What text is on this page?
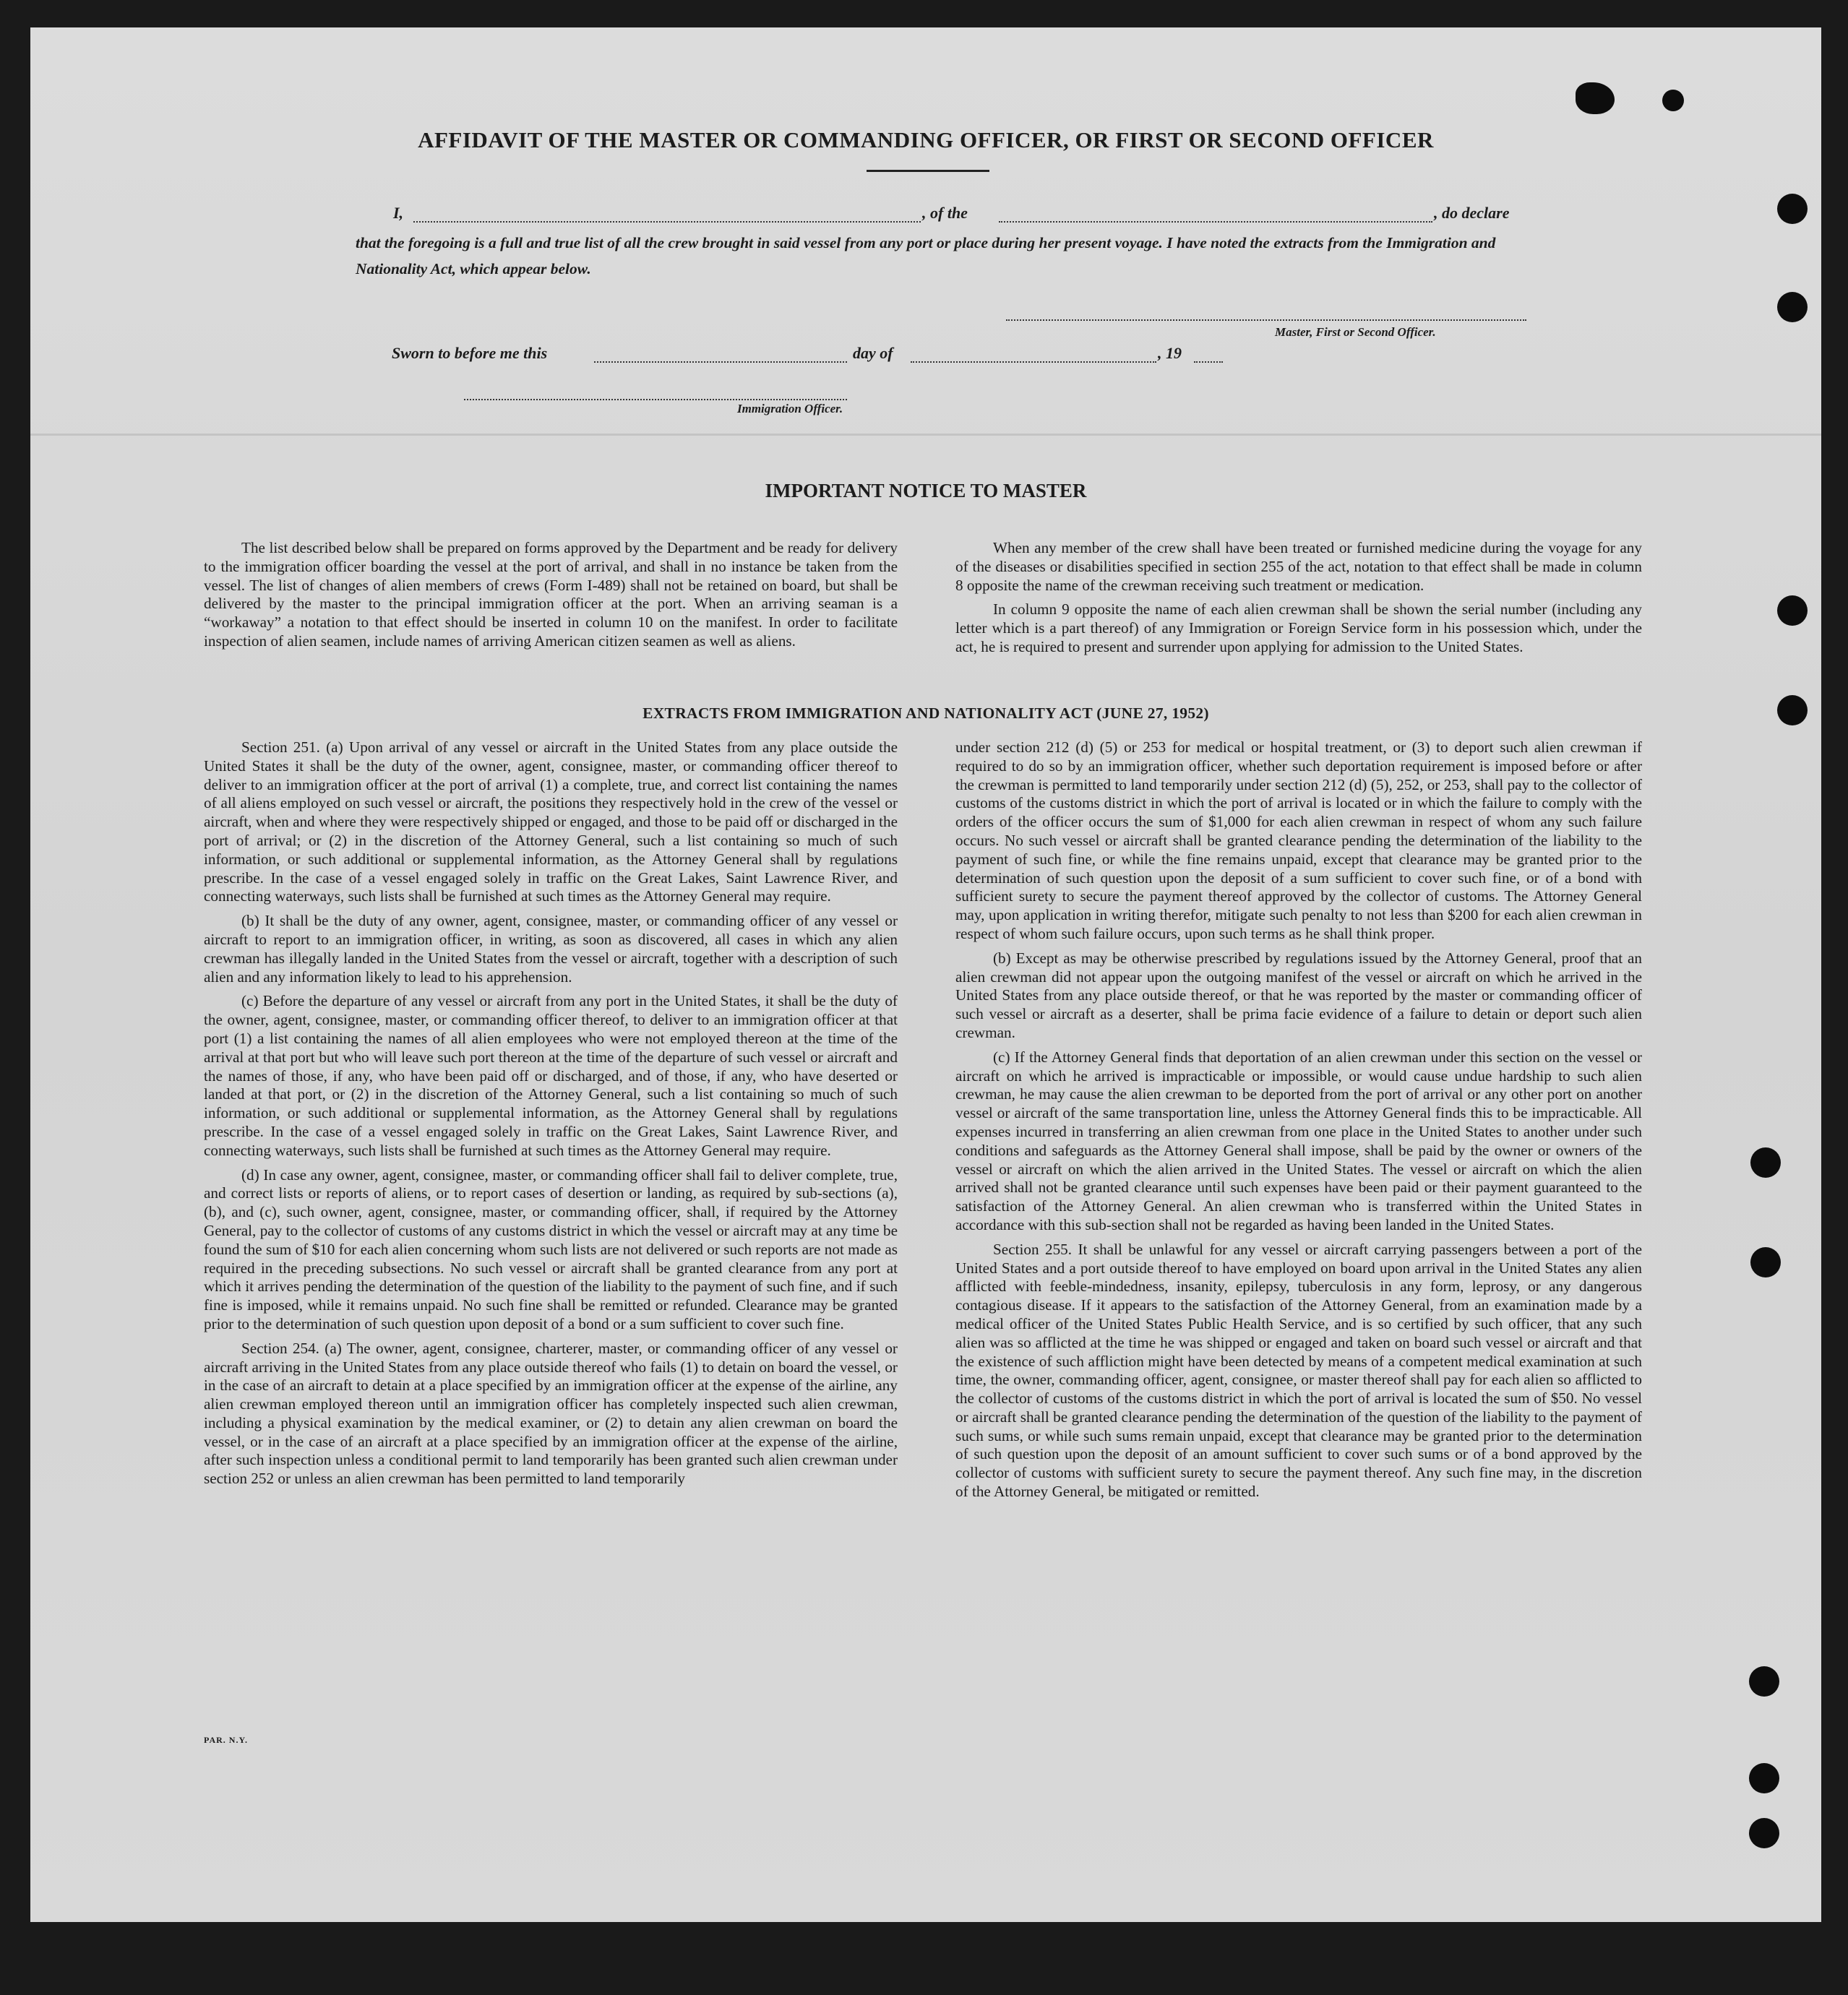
AFFIDAVIT OF THE MASTER OR COMMANDING OFFICER, OR FIRST OR SECOND OFFICER
I,	, of the	, do declare
that the foregoing is a full and true list of all the crew brought in said vessel from any port or place during her present voyage. I have noted the extracts from the Immigration and Nationality Act, which appear below.
Master, First or Second Officer.
Sworn to before me this	day of	, 19
Immigration Officer.
IMPORTANT NOTICE TO MASTER

The list described below shall be prepared on forms approved by the Department and be ready for delivery to the immigration officer boarding the vessel at the port of arrival, and shall in no instance be taken from the vessel. The list of changes of alien members of crews (Form I-489) shall not be retained on board, but shall be delivered by the master to the principal immigration officer at the port. When an arriving seaman is a “workaway” a notation to that effect should be inserted in column 10 on the manifest. In order to facilitate inspection of alien seamen, include names of arriving American citizen seamen as well as aliens.

When any member of the crew shall have been treated or furnished medicine during the voyage for any of the diseases or disabilities specified in section 255 of the act, notation to that effect shall be made in column 8 opposite the name of the crewman receiving such treatment or medication.

In column 9 opposite the name of each alien crewman shall be shown the serial number (including any letter which is a part thereof) of any Immigration or Foreign Service form in his possession which, under the act, he is required to present and surrender upon applying for admission to the United States.

EXTRACTS FROM IMMIGRATION AND NATIONALITY ACT (JUNE 27, 1952)

Section 251. (a) Upon arrival of any vessel or aircraft in the United States from any place outside the United States it shall be the duty of the owner, agent, consignee, master, or commanding officer thereof to deliver to an immigration officer at the port of arrival (1) a complete, true, and correct list containing the names of all aliens employed on such vessel or aircraft, the positions they respectively hold in the crew of the vessel or aircraft, when and where they were respectively shipped or engaged, and those to be paid off or discharged in the port of arrival; or (2) in the discretion of the Attorney General, such a list containing so much of such information, or such additional or supplemental information, as the Attorney General shall by regulations prescribe. In the case of a vessel engaged solely in traffic on the Great Lakes, Saint Lawrence River, and connecting waterways, such lists shall be furnished at such times as the Attorney General may require.

(b) It shall be the duty of any owner, agent, consignee, master, or commanding officer of any vessel or aircraft to report to an immigration officer, in writing, as soon as discovered, all cases in which any alien crewman has illegally landed in the United States from the vessel or aircraft, together with a description of such alien and any information likely to lead to his apprehension.

(c) Before the departure of any vessel or aircraft from any port in the United States, it shall be the duty of the owner, agent, consignee, master, or commanding officer thereof, to deliver to an immigration officer at that port (1) a list containing the names of all alien employees who were not employed thereon at the time of the arrival at that port but who will leave such port thereon at the time of the departure of such vessel or aircraft and the names of those, if any, who have been paid off or discharged, and of those, if any, who have deserted or landed at that port, or (2) in the discretion of the Attorney General, such a list containing so much of such information, or such additional or supplemental information, as the Attorney General shall by regulations prescribe. In the case of a vessel engaged solely in traffic on the Great Lakes, Saint Lawrence River, and connecting waterways, such lists shall be furnished at such times as the Attorney General may require.

(d) In case any owner, agent, consignee, master, or commanding officer shall fail to deliver complete, true, and correct lists or reports of aliens, or to report cases of desertion or landing, as required by sub-sections (a), (b), and (c), such owner, agent, consignee, master, or commanding officer, shall, if required by the Attorney General, pay to the collector of customs of any customs district in which the vessel or aircraft may at any time be found the sum of $10 for each alien concerning whom such lists are not delivered or such reports are not made as required in the preceding subsections. No such vessel or aircraft shall be granted clearance from any port at which it arrives pending the determination of the question of the liability to the payment of such fine, and if such fine is imposed, while it remains unpaid. No such fine shall be remitted or refunded. Clearance may be granted prior to the determination of such question upon deposit of a bond or a sum sufficient to cover such fine.

Section 254. (a) The owner, agent, consignee, charterer, master, or commanding officer of any vessel or aircraft arriving in the United States from any place outside thereof who fails (1) to detain on board the vessel, or in the case of an aircraft to detain at a place specified by an immigration officer at the expense of the airline, any alien crewman employed thereon until an immigration officer has completely inspected such alien crewman, including a physical examination by the medical examiner, or (2) to detain any alien crewman on board the vessel, or in the case of an aircraft at a place specified by an immigration officer at the expense of the airline, after such inspection unless a conditional permit to land temporarily has been granted such alien crewman under section 252 or unless an alien crewman has been permitted to land temporarily

under section 212 (d) (5) or 253 for medical or hospital treatment, or (3) to deport such alien crewman if required to do so by an immigration officer, whether such deportation requirement is imposed before or after the crewman is permitted to land temporarily under section 212 (d) (5), 252, or 253, shall pay to the collector of customs of the customs district in which the port of arrival is located or in which the failure to comply with the orders of the officer occurs the sum of $1,000 for each alien crewman in respect of whom any such failure occurs. No such vessel or aircraft shall be granted clearance pending the determination of the liability to the payment of such fine, or while the fine remains unpaid, except that clearance may be granted prior to the determination of such question upon the deposit of a sum sufficient to cover such fine, or of a bond with sufficient surety to secure the payment thereof approved by the collector of customs. The Attorney General may, upon application in writing therefor, mitigate such penalty to not less than $200 for each alien crewman in respect of whom such failure occurs, upon such terms as he shall think proper.

(b) Except as may be otherwise prescribed by regulations issued by the Attorney General, proof that an alien crewman did not appear upon the outgoing manifest of the vessel or aircraft on which he arrived in the United States from any place outside thereof, or that he was reported by the master or commanding officer of such vessel or aircraft as a deserter, shall be prima facie evidence of a failure to detain or deport such alien crewman.

(c) If the Attorney General finds that deportation of an alien crewman under this section on the vessel or aircraft on which he arrived is impracticable or impossible, or would cause undue hardship to such alien crewman, he may cause the alien crewman to be deported from the port of arrival or any other port on another vessel or aircraft of the same transportation line, unless the Attorney General finds this to be impracticable. All expenses incurred in transferring an alien crewman from one place in the United States to another under such conditions and safeguards as the Attorney General shall impose, shall be paid by the owner or owners of the vessel or aircraft on which the alien arrived in the United States. The vessel or aircraft on which the alien arrived shall not be granted clearance until such expenses have been paid or their payment guaranteed to the satisfaction of the Attorney General. An alien crewman who is transferred within the United States in accordance with this sub-section shall not be regarded as having been landed in the United States.

Section 255. It shall be unlawful for any vessel or aircraft carrying passengers between a port of the United States and a port outside thereof to have employed on board upon arrival in the United States any alien afflicted with feeble-mindedness, insanity, epilepsy, tuberculosis in any form, leprosy, or any dangerous contagious disease. If it appears to the satisfaction of the Attorney General, from an examination made by a medical officer of the United States Public Health Service, and is so certified by such officer, that any such alien was so afflicted at the time he was shipped or engaged and taken on board such vessel or aircraft and that the existence of such affliction might have been detected by means of a competent medical examination at such time, the owner, commanding officer, agent, consignee, or master thereof shall pay for each alien so afflicted to the collector of customs of the customs district in which the port of arrival is located the sum of $50. No vessel or aircraft shall be granted clearance pending the determination of the question of the liability to the payment of such sums, or while such sums remain unpaid, except that clearance may be granted prior to the determination of such question upon the deposit of an amount sufficient to cover such sums or of a bond approved by the collector of customs with sufficient surety to secure the payment thereof. Any such fine may, in the discretion of the Attorney General, be mitigated or remitted.

PAR. N.Y.
